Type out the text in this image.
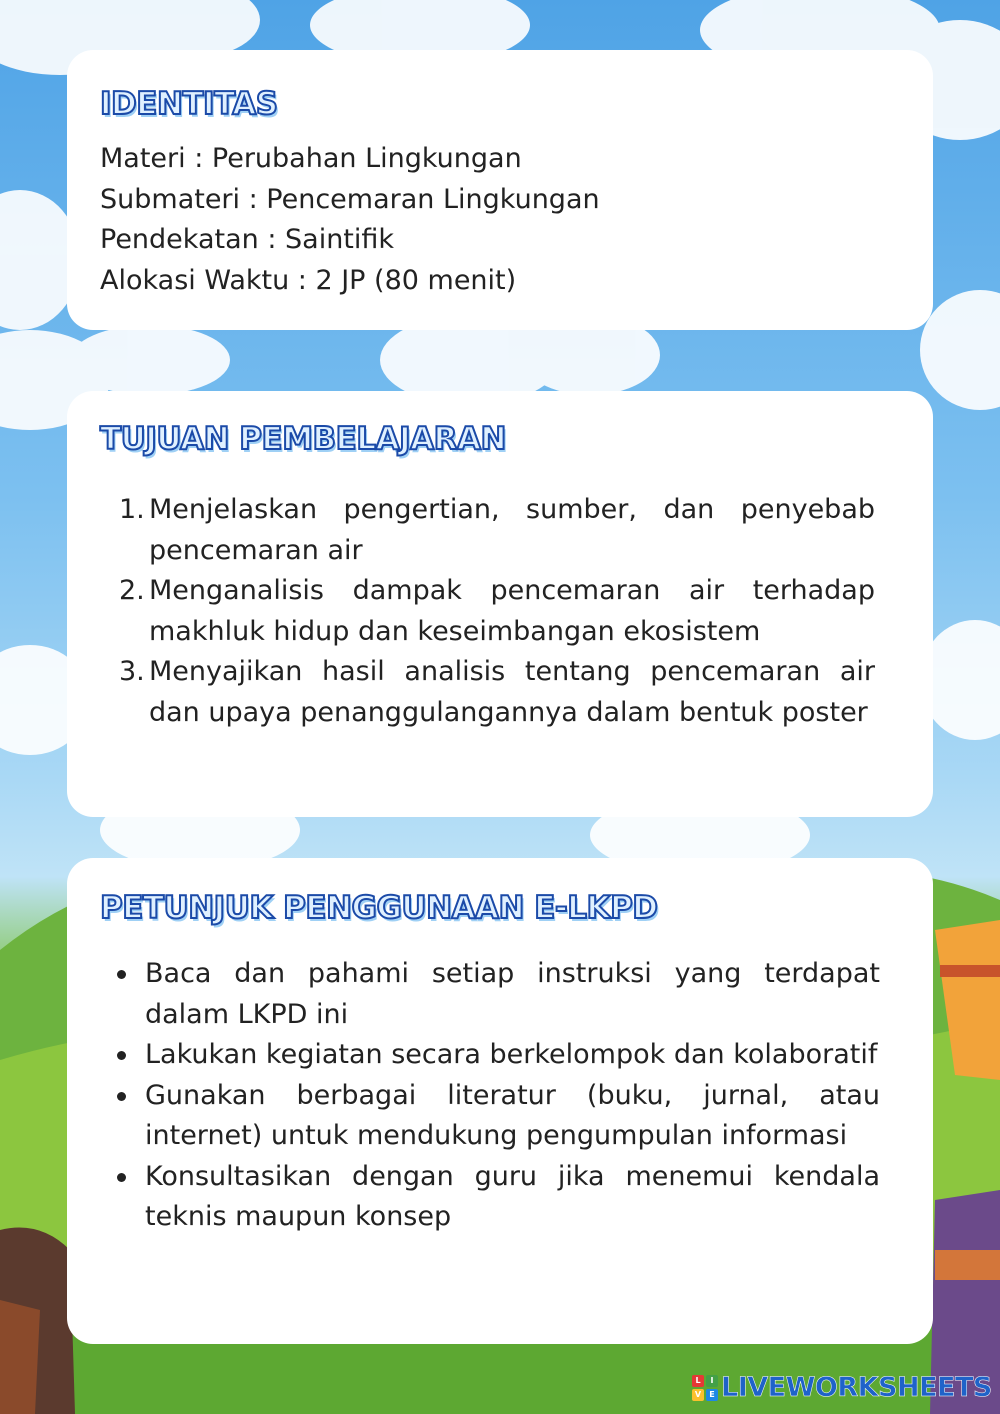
IDENTITAS
Materi : Perubahan Lingkungan
Submateri : Pencemaran Lingkungan
Pendekatan : Saintifik
Alokasi Waktu : 2 JP (80 menit)
TUJUAN PEMBELAJARAN
1. Menjelaskan pengertian, sumber, dan penyebab pencemaran air
2. Menganalisis dampak pencemaran air terhadap makhluk hidup dan keseimbangan ekosistem
3. Menyajikan hasil analisis tentang pencemaran air dan upaya penanggulangannya dalam bentuk poster
PETUNJUK PENGGUNAAN E-LKPD
Baca dan pahami setiap instruksi yang terdapat dalam LKPD ini
Lakukan kegiatan secara berkelompok dan kolaboratif
Gunakan berbagai literatur (buku, jurnal, atau internet) untuk mendukung pengumpulan informasi
Konsultasikan dengan guru jika menemui kendala teknis maupun konsep
L	I
V	E LIVEWORKSHEETS
